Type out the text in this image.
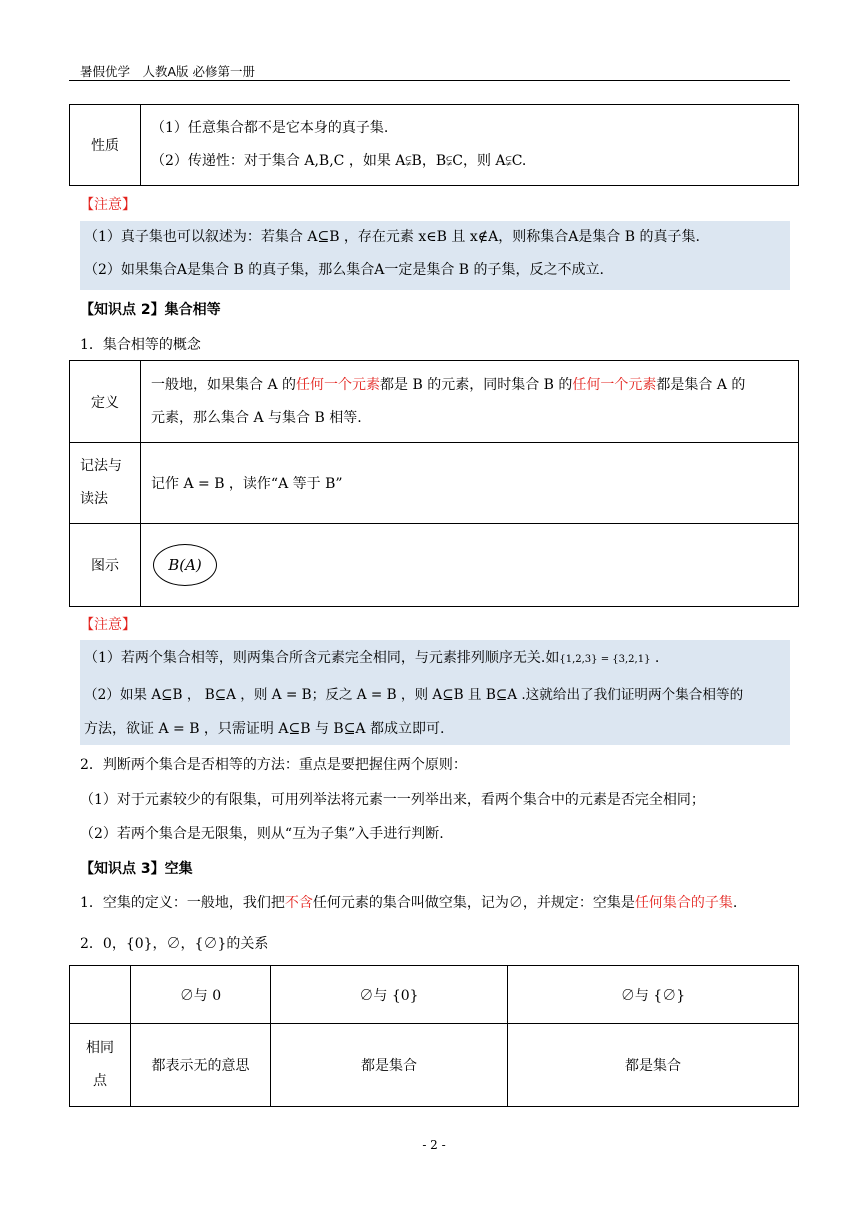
暑假优学　人教A版 必修第一册
性质	
（1）任意集合都不是它本身的真子集.
（2）传递性：对于集合 A,B,C ，如果 A⫋B，B⫋C，则 A⫋C.
【注意】
（1）真子集也可以叙述为：若集合 A⊆B ，存在元素 x∈B 且 x∉A，则称集合A是集合 B 的真子集.
（2）如果集合A是集合 B 的真子集，那么集合A一定是集合 B 的子集，反之不成立.
【知识点 2】集合相等
1．集合相等的概念
定义	一般地，如果集合 A 的任何一个元素都是 B 的元素，同时集合 B 的任何一个元素都是集合 A 的
元素，那么集合 A 与集合 B 相等.

记法与
读法	记作 A = B ，读作“A 等于 B”
图示	B(A)
【注意】
（1）若两个集合相等，则两集合所含元素完全相同，与元素排列顺序无关.如{1,2,3} = {3,2,1} .
（2）如果 A⊆B ， B⊆A ，则 A = B；反之 A = B ，则 A⊆B 且 B⊆A .这就给出了我们证明两个集合相等的
方法，欲证 A = B ，只需证明 A⊆B 与 B⊆A 都成立即可.
2．判断两个集合是否相等的方法：重点是要把握住两个原则：
（1）对于元素较少的有限集，可用列举法将元素一一列举出来，看两个集合中的元素是否完全相同；
（2）若两个集合是无限集，则从“互为子集”入手进行判断.
【知识点 3】空集
1．空集的定义：一般地，我们把不含任何元素的集合叫做空集，记为∅，并规定：空集是任何集合的子集.
2．0，{0}，∅，{∅}的关系
	∅与 0	∅与 {0}	∅与 {∅}

相同
点	都表示无的意思	都是集合	都是集合
- 2 -
